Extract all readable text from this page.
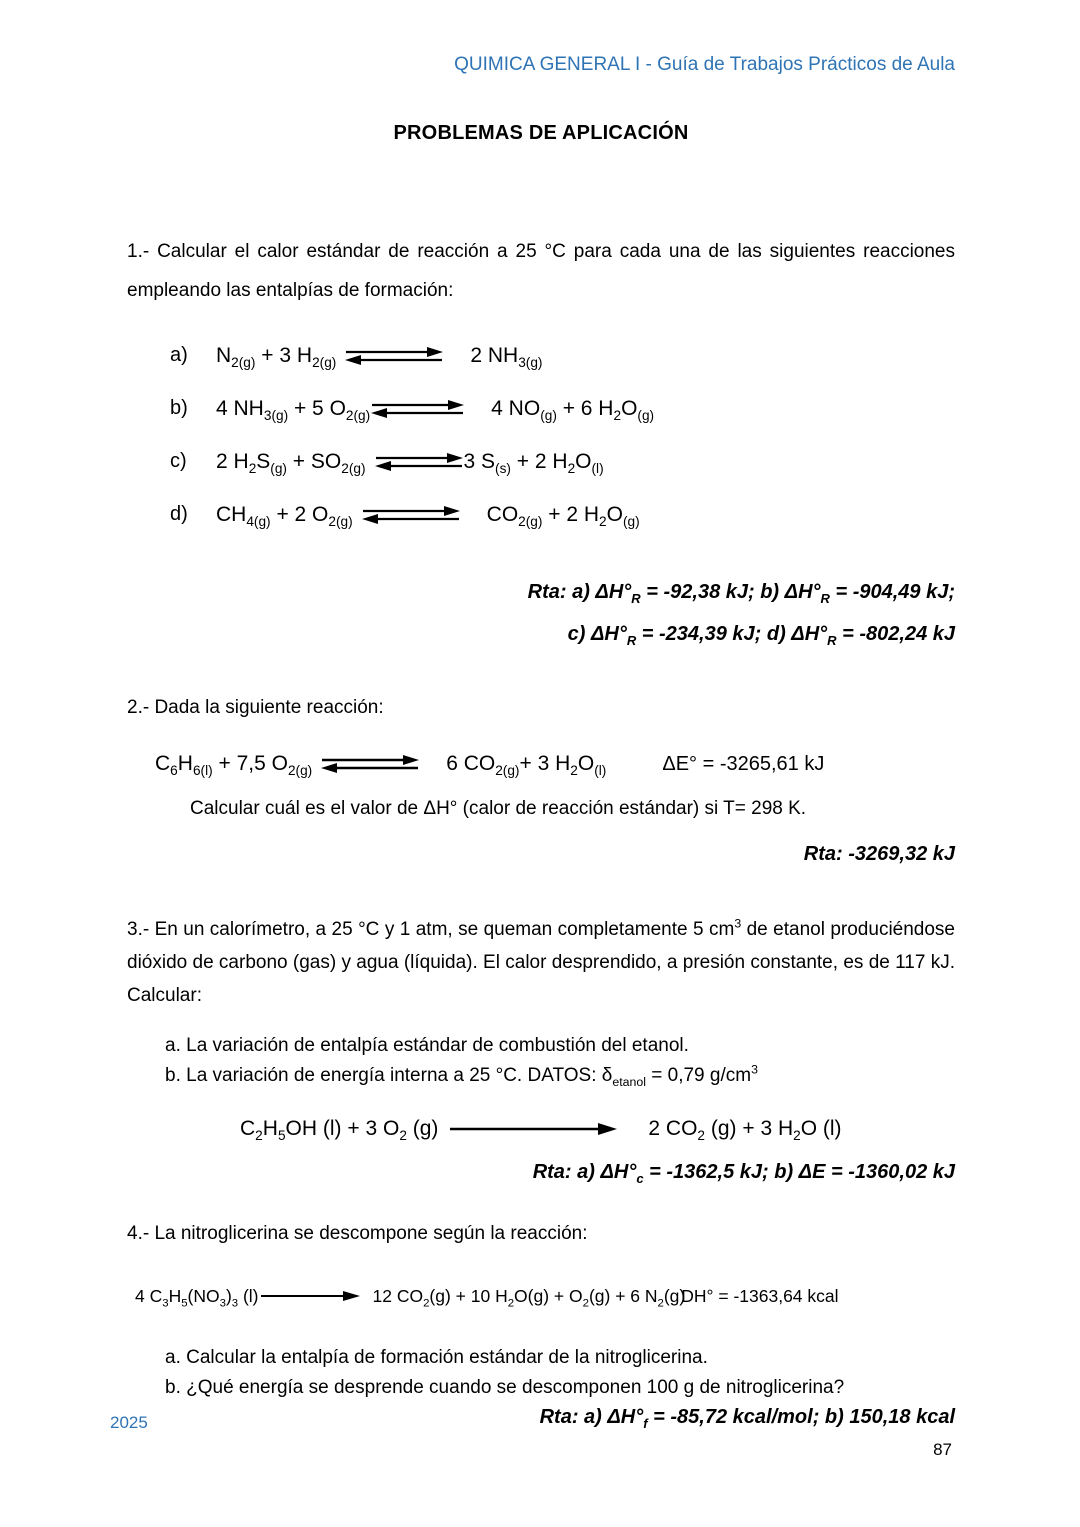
QUIMICA GENERAL I - Guía de Trabajos Prácticos de Aula
PROBLEMAS DE APLICACIÓN

1.- Calcular el calor estándar de reacción a 25 °C para cada una de las siguientes reacciones empleando las entalpías de formación:

a)	$N_{2(g)} + 3$ $H_{2(g)}$	2 $NH_{3(g)}$
b)	4 $NH_{3(g)} + 5$ $O_{2(g)}$	4 $NO_{(g)} + 6$ $H_2O_{(g)}$
c)	2 $H_2S_{(g)} + SO_{2(g)}$	3 $S_{(s)} + 2$ $H_2O_{(l)}$
d)	$CH_{4(g)} + 2$ $O_{2(g)}$	$CO_{2(g)} + 2$ $H_2O_{(g)}$
Rta: a) $\Delta H^\circ_R = -92,38$ kJ; b) $\Delta H^\circ_R = -904,49$ kJ;
c) $\Delta H^\circ_R = -234,39$ kJ; d) $\Delta H^\circ_R = -802,24$ kJ

2.- Dada la siguiente reacción:

$C_6H_{6(l)} + 7,5$ $O_{2(g)}$	6 $CO_{2(g)}+ 3$ $H_2O_{(l)}$	ΔE° = -3265,61 kJ

Calcular cuál es el valor de ΔH° (calor de reacción estándar) si T= 298 K.

Rta: -3269,32 kJ

3.- En un calorímetro, a 25 °C y 1 atm, se queman completamente 5 $cm^3$ de etanol produciéndose dióxido de carbono (gas) y agua (líquida). El calor desprendido, a presión constante, es de 117 kJ. Calcular:

a. La variación de entalpía estándar de combustión del etanol.
b. La variación de energía interna a 25 °C. DATOS: $\delta_{etanol} = 0,79$ $g/cm^3$
$C_2H_5OH$ (l) + 3 $O_2$ (g)	2 $CO_2$ (g) + 3 $H_2O$ (l)
Rta: a) $\Delta H^\circ_c = -1362,5$ kJ; b) ΔE = -1360,02 kJ

4.- La nitroglicerina se descompone según la reacción:

4 $C_3H_5(NO_3)_3$ (l)	12 $CO_2(g) + 10$ $H_2O(g) + O_2(g) + 6$ $N_2(g)$
DH° = -1363,64 kcal
a. Calcular la entalpía de formación estándar de la nitroglicerina.
b. ¿Qué energía se desprende cuando se descomponen 100 g de nitroglicerina?
Rta: a) $\Delta H^\circ_f = -85,72$ kcal/mol; b) 150,18 kcal
2025
87
